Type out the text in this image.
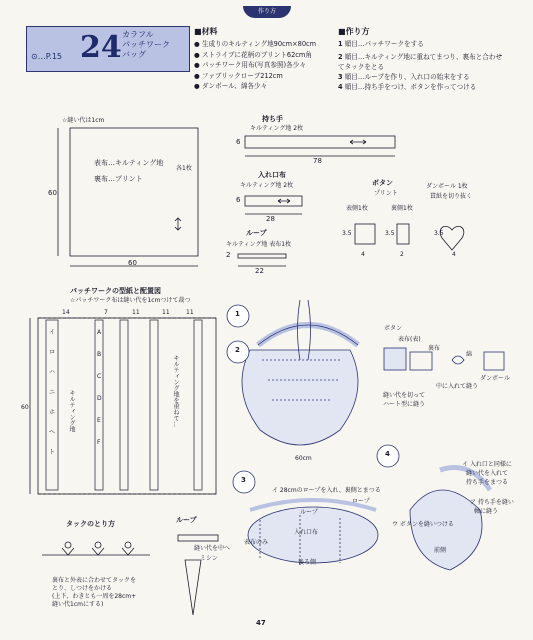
⊙…P.15 24 カラフル
パッチワーク
バッグ
作り方
■材料
● 生成りのキルティング地90cm×80cm
● ストライプに花柄のプリント62cm角
● パッチワーク用布(写真参照)各少々
● ファブリックロープ212cm
● ダンボール、綿各少々
■作り方
1 順目…パッチワークをする
2 順目…キルティング地に重ねてまつり、裏布と合わせてタックをとる
3 順目…ループを作り、入れ口の始末をする
4 順目…持ち手をつけ、ボタンを作ってつける
☆縫い代は1cm
表布…キルティング地
裏布…プリント
各1枚
60
60
持ち手
キルティング地 2枚
6
78
入れ口布
キルティング地 2枚
6
28
ループ
キルティング地 表布1枚
2
22
ボタン
プリント
表側1枚	裏側1枚
ダンボール 1枚
貫紙を切り抜く
3.5
4
3.5
2
3.5
4
パッチワークの型紙と配置図
☆パッチワーク布は縫い代を1cmつけて裁つ
14	7	11	11	11
60	キルティング地	キルティング地を重ねて…
イ
ロ
ハ
ニ
ホ
ヘ
ト
A
B
C
D
E
F
タックのとり方
裏布と外表に合わせてタックを
とり、しつけをかける
(上下、わきとも一周を28cm+
縫い代1cmにする)
ループ
縫い代を中へ
ミシン
1
2
3
4
60cm
イ 28cmのロープを入れ、裏側とまつる
ループ
入れ口布
ロープ
後ろ側
表布のみ
ボタン
表布(表)
裏布
綿
中に入れて縫う
ダンボール
縫い代を切って
ハート型に縫う
イ 入れ口と同様に
縫い代を入れて
持ち手をまつる
ア 持ち手を縫い
軸に縫う
ウ ボタンを縫いつける
前側
47
